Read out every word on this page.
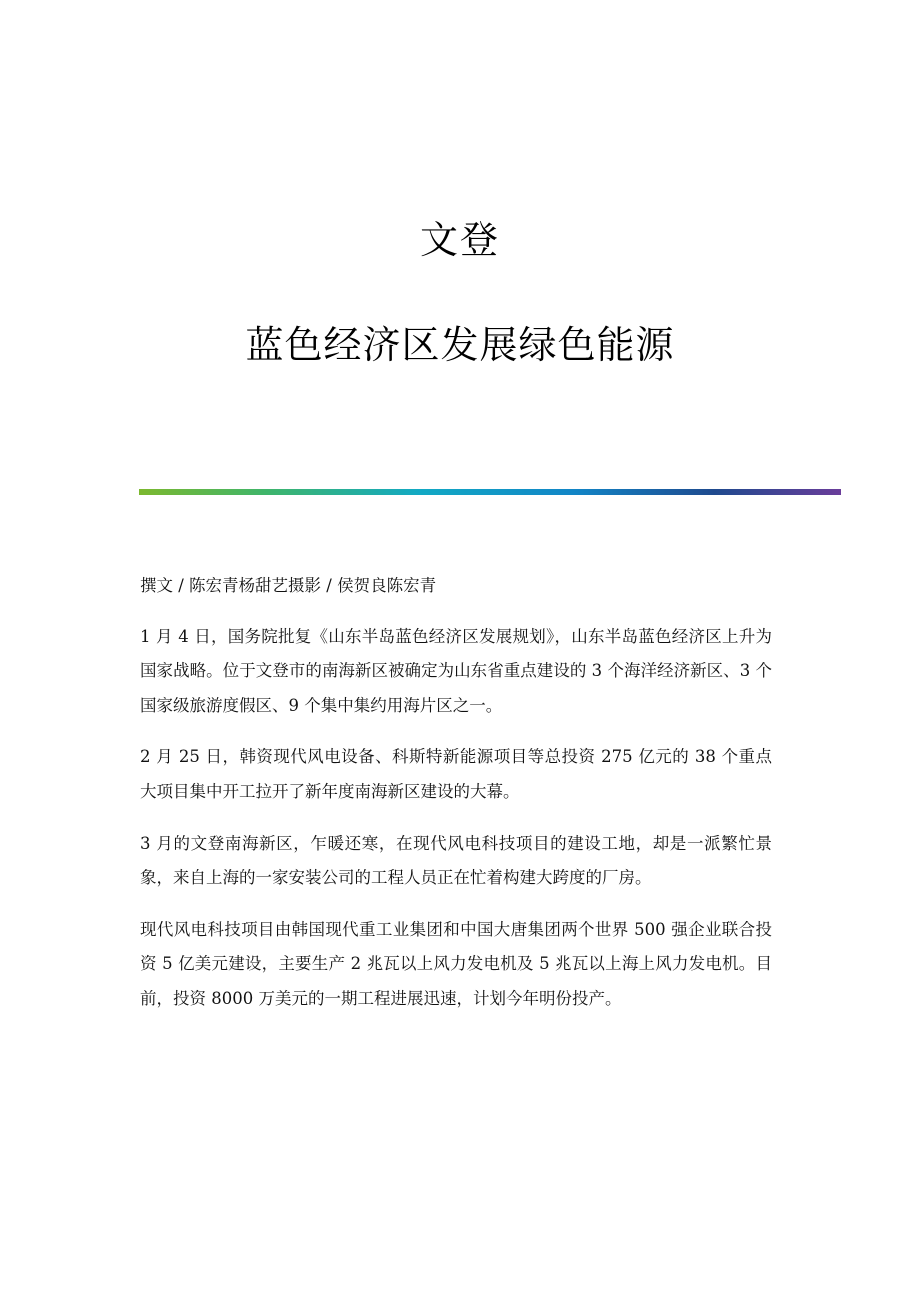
文登
蓝色经济区发展绿色能源

撰文 / 陈宏青杨甜艺摄影 / 侯贺良陈宏青

1 月 4 日，国务院批复《山东半岛蓝色经济区发展规划》，山东半岛蓝色经济区上升为国家战略。位于文登市的南海新区被确定为山东省重点建设的 3 个海洋经济新区、3 个国家级旅游度假区、9 个集中集约用海片区之一。

2 月 25 日，韩资现代风电设备、科斯特新能源项目等总投资 275 亿元的 38 个重点大项目集中开工拉开了新年度南海新区建设的大幕。

3 月的文登南海新区，乍暖还寒，在现代风电科技项目的建设工地，却是一派繁忙景象，来自上海的一家安装公司的工程人员正在忙着构建大跨度的厂房。

现代风电科技项目由韩国现代重工业集团和中国大唐集团两个世界 500 强企业联合投资 5 亿美元建设，主要生产 2 兆瓦以上风力发电机及 5 兆瓦以上海上风力发电机。目前，投资 8000 万美元的一期工程进展迅速，计划今年明份投产。
